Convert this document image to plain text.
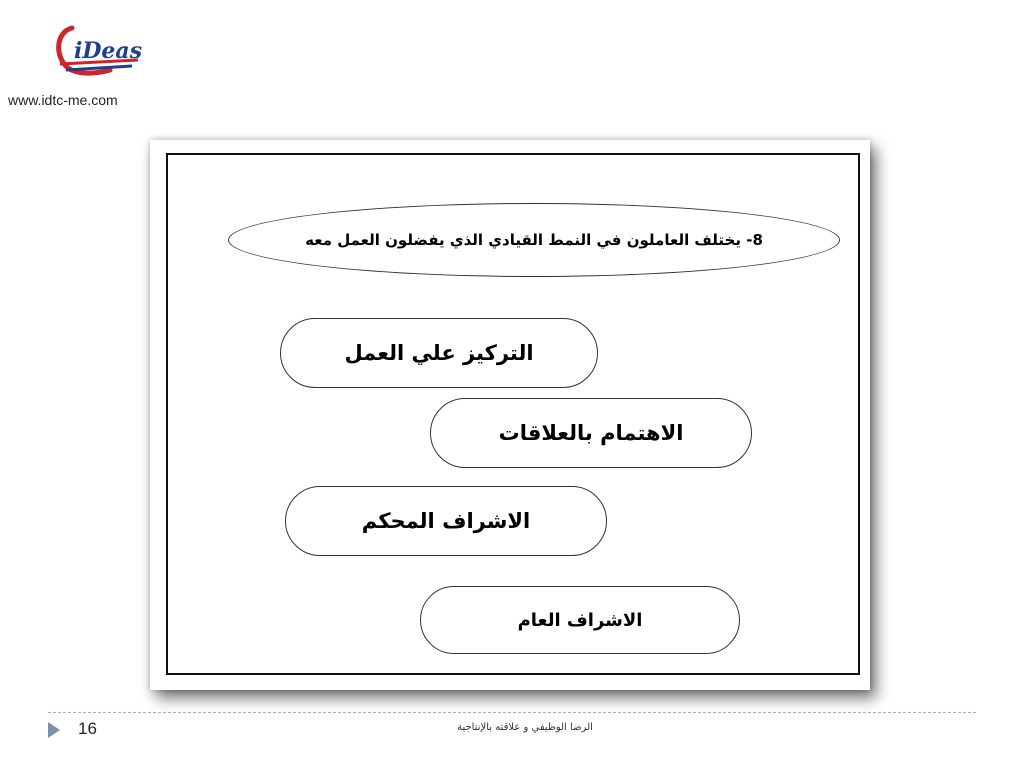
iDeas
www.idtc-me.com
8- يختلف العاملون في النمط القيادي الذي يفضلون العمل معه
التركيز علي العمل
الاهتمام بالعلاقات
الاشراف المحكم
الاشراف العام
16	الرضا الوظيفي و علاقته بالإنتاجية
